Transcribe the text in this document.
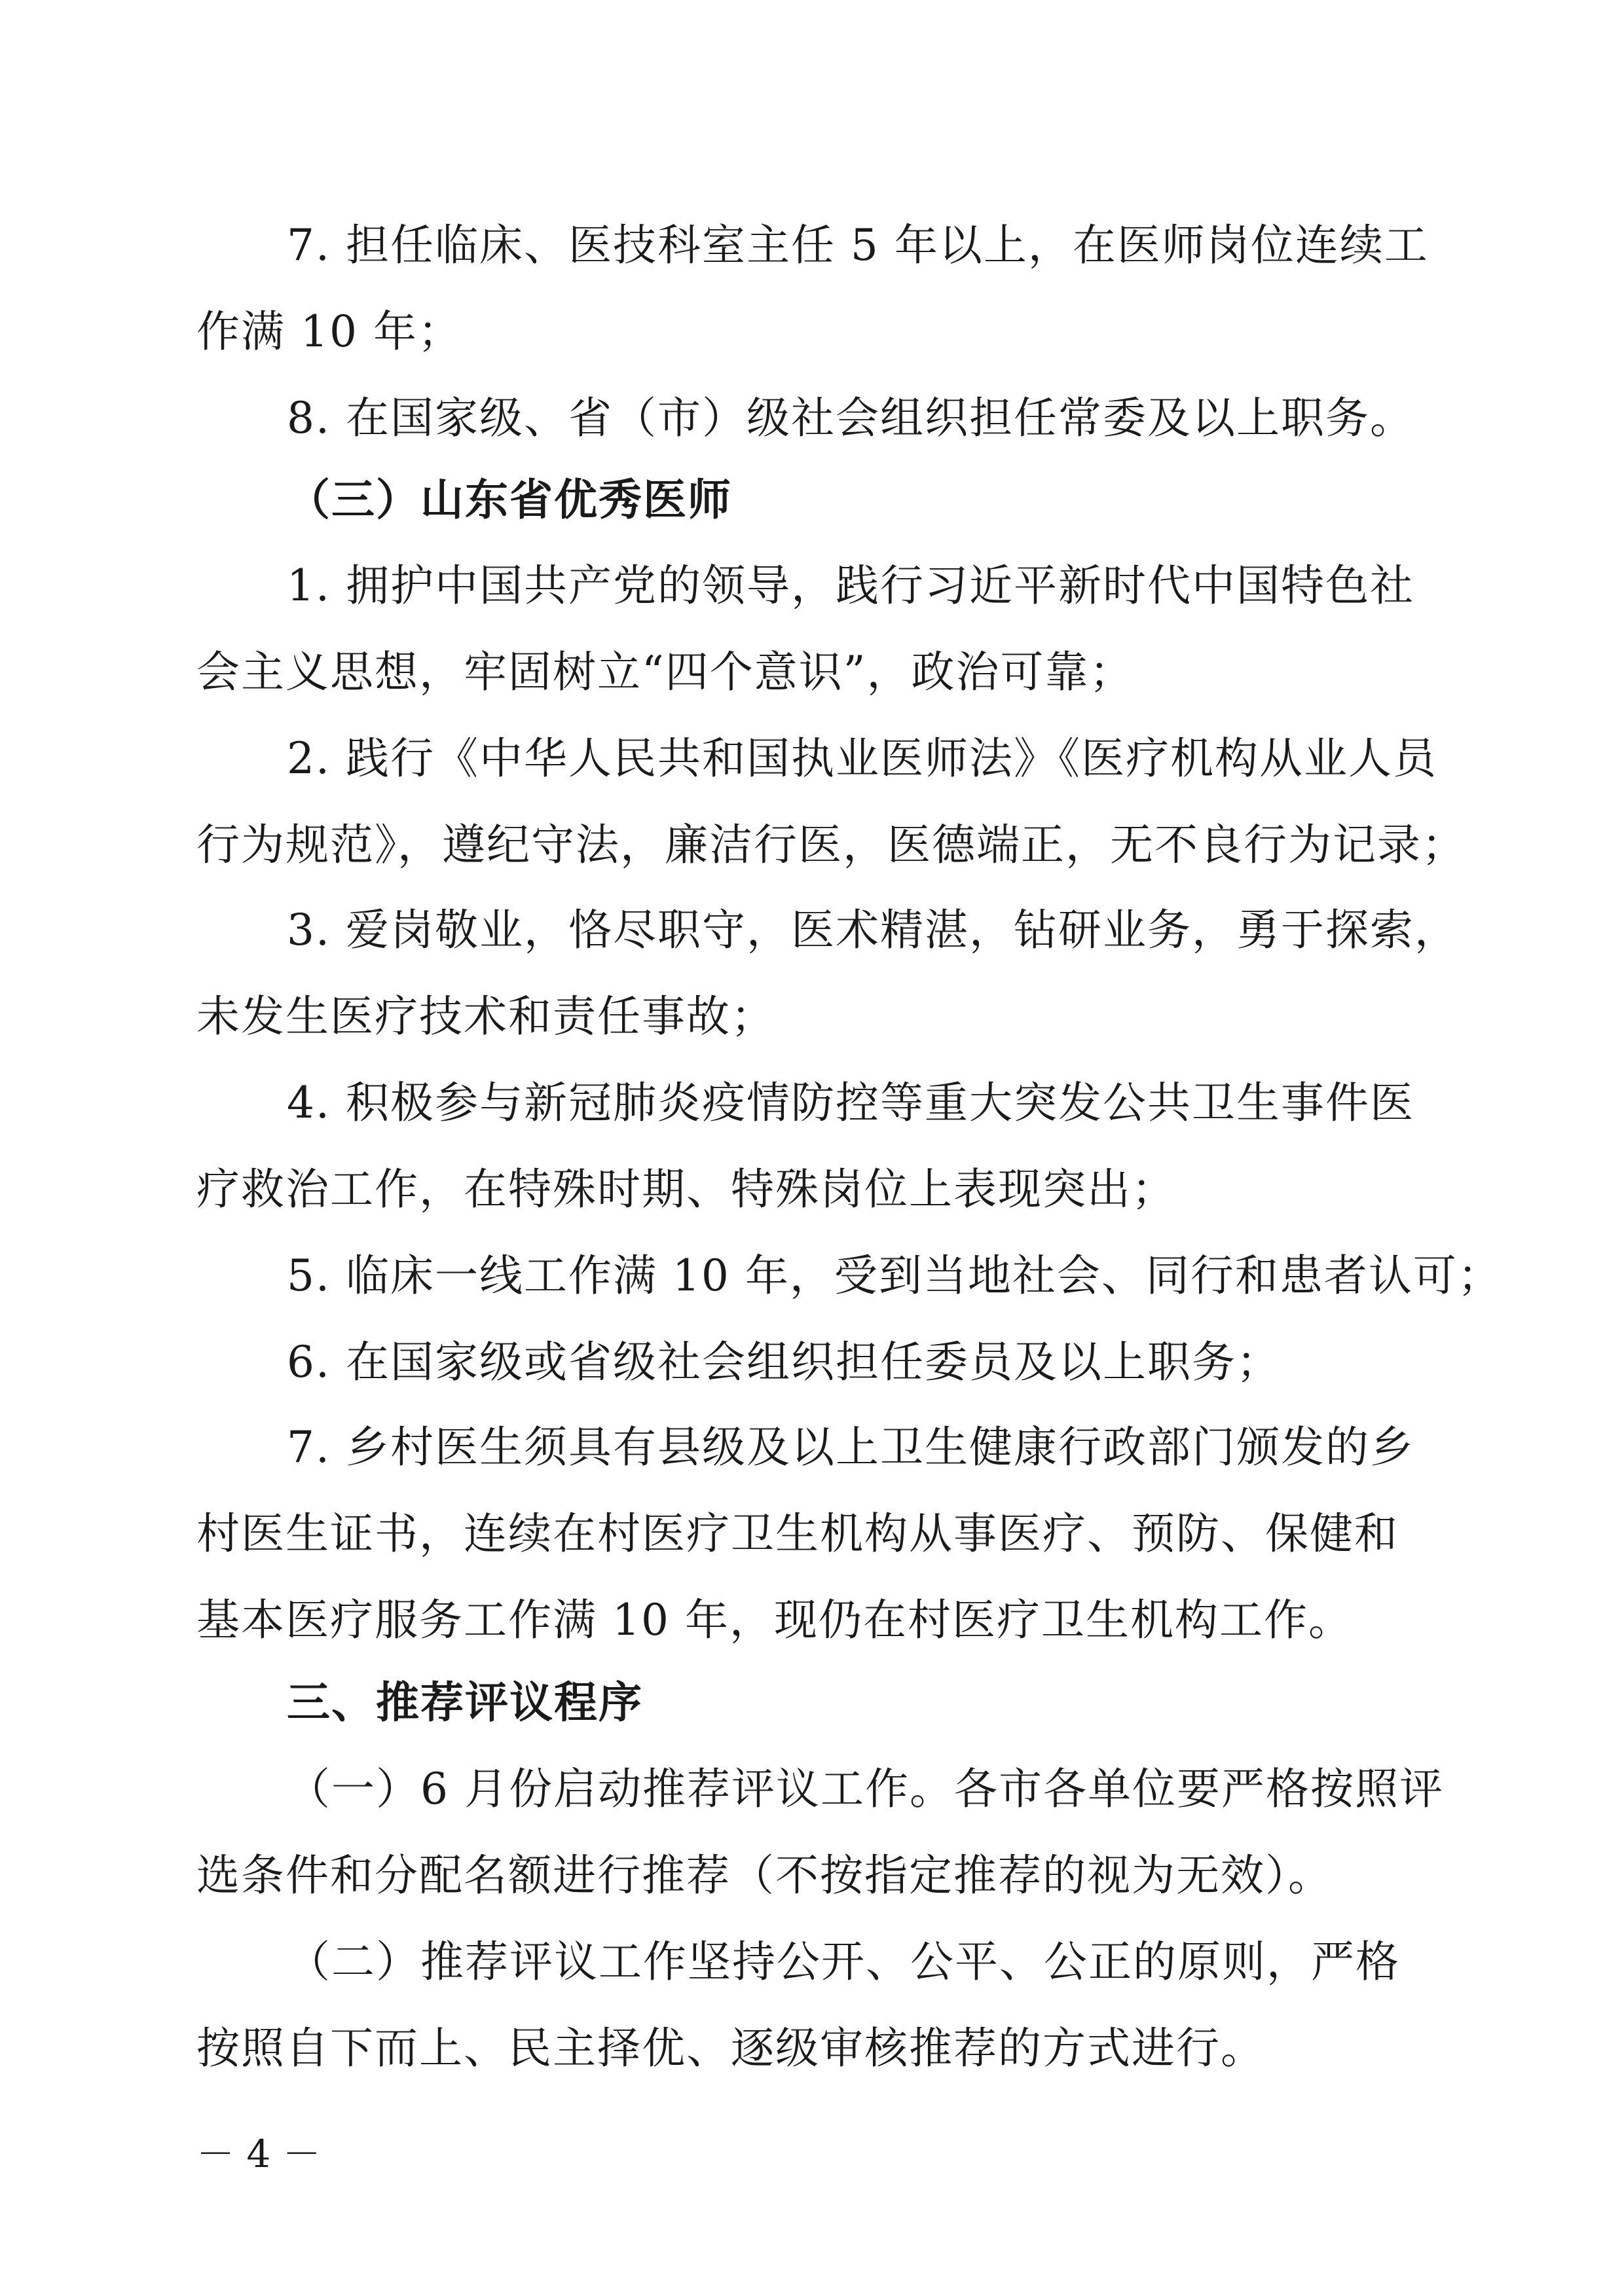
7. 担任临床、医技科室主任 5 年以上，在医师岗位连续工
作满 10 年；
8. 在国家级、省（市）级社会组织担任常委及以上职务。
（三）山东省优秀医师
1. 拥护中国共产党的领导，践行习近平新时代中国特色社
会主义思想，牢固树立“四个意识”，政治可靠；
2. 践行《中华人民共和国执业医师法》《医疗机构从业人员
行为规范》，遵纪守法，廉洁行医，医德端正，无不良行为记录；
3. 爱岗敬业，恪尽职守，医术精湛，钻研业务，勇于探索，
未发生医疗技术和责任事故；
4. 积极参与新冠肺炎疫情防控等重大突发公共卫生事件医
疗救治工作，在特殊时期、特殊岗位上表现突出；
5. 临床一线工作满 10 年，受到当地社会、同行和患者认可；
6. 在国家级或省级社会组织担任委员及以上职务；
7. 乡村医生须具有县级及以上卫生健康行政部门颁发的乡
村医生证书，连续在村医疗卫生机构从事医疗、预防、保健和
基本医疗服务工作满 10 年，现仍在村医疗卫生机构工作。
三、推荐评议程序
（一）6 月份启动推荐评议工作。各市各单位要严格按照评
选条件和分配名额进行推荐（不按指定推荐的视为无效）。
（二）推荐评议工作坚持公开、公平、公正的原则，严格
按照自下而上、民主择优、逐级审核推荐的方式进行。
－ 4 －
